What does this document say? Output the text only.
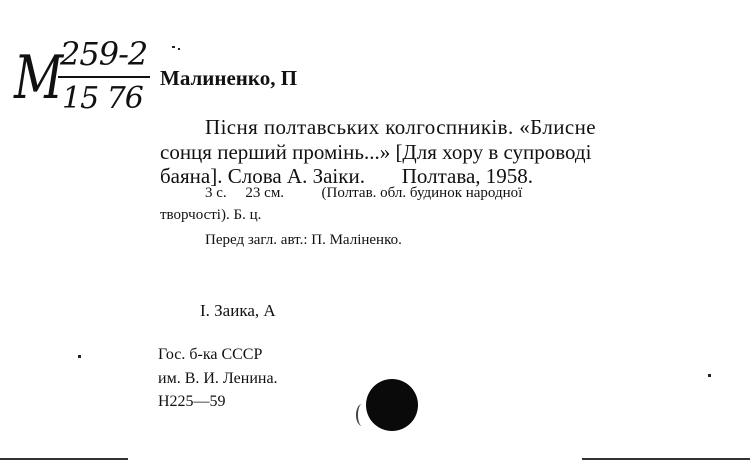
М
259-2
15 76
Малиненко, П
Пісня полтавських колгоспників. «Блисне
сонця перший промінь...» [Для хору в супроводі
баяна]. Слова А. Заіки.       Полтава, 1958.
3 с.     23 см.          (Полтав. обл. будинок народної
творчості). Б. ц.
Перед загл. авт.: П. Маліненко.
I. Заика, А
Гос. б-ка СССР
им. В. И. Ленина.
Н225—59
